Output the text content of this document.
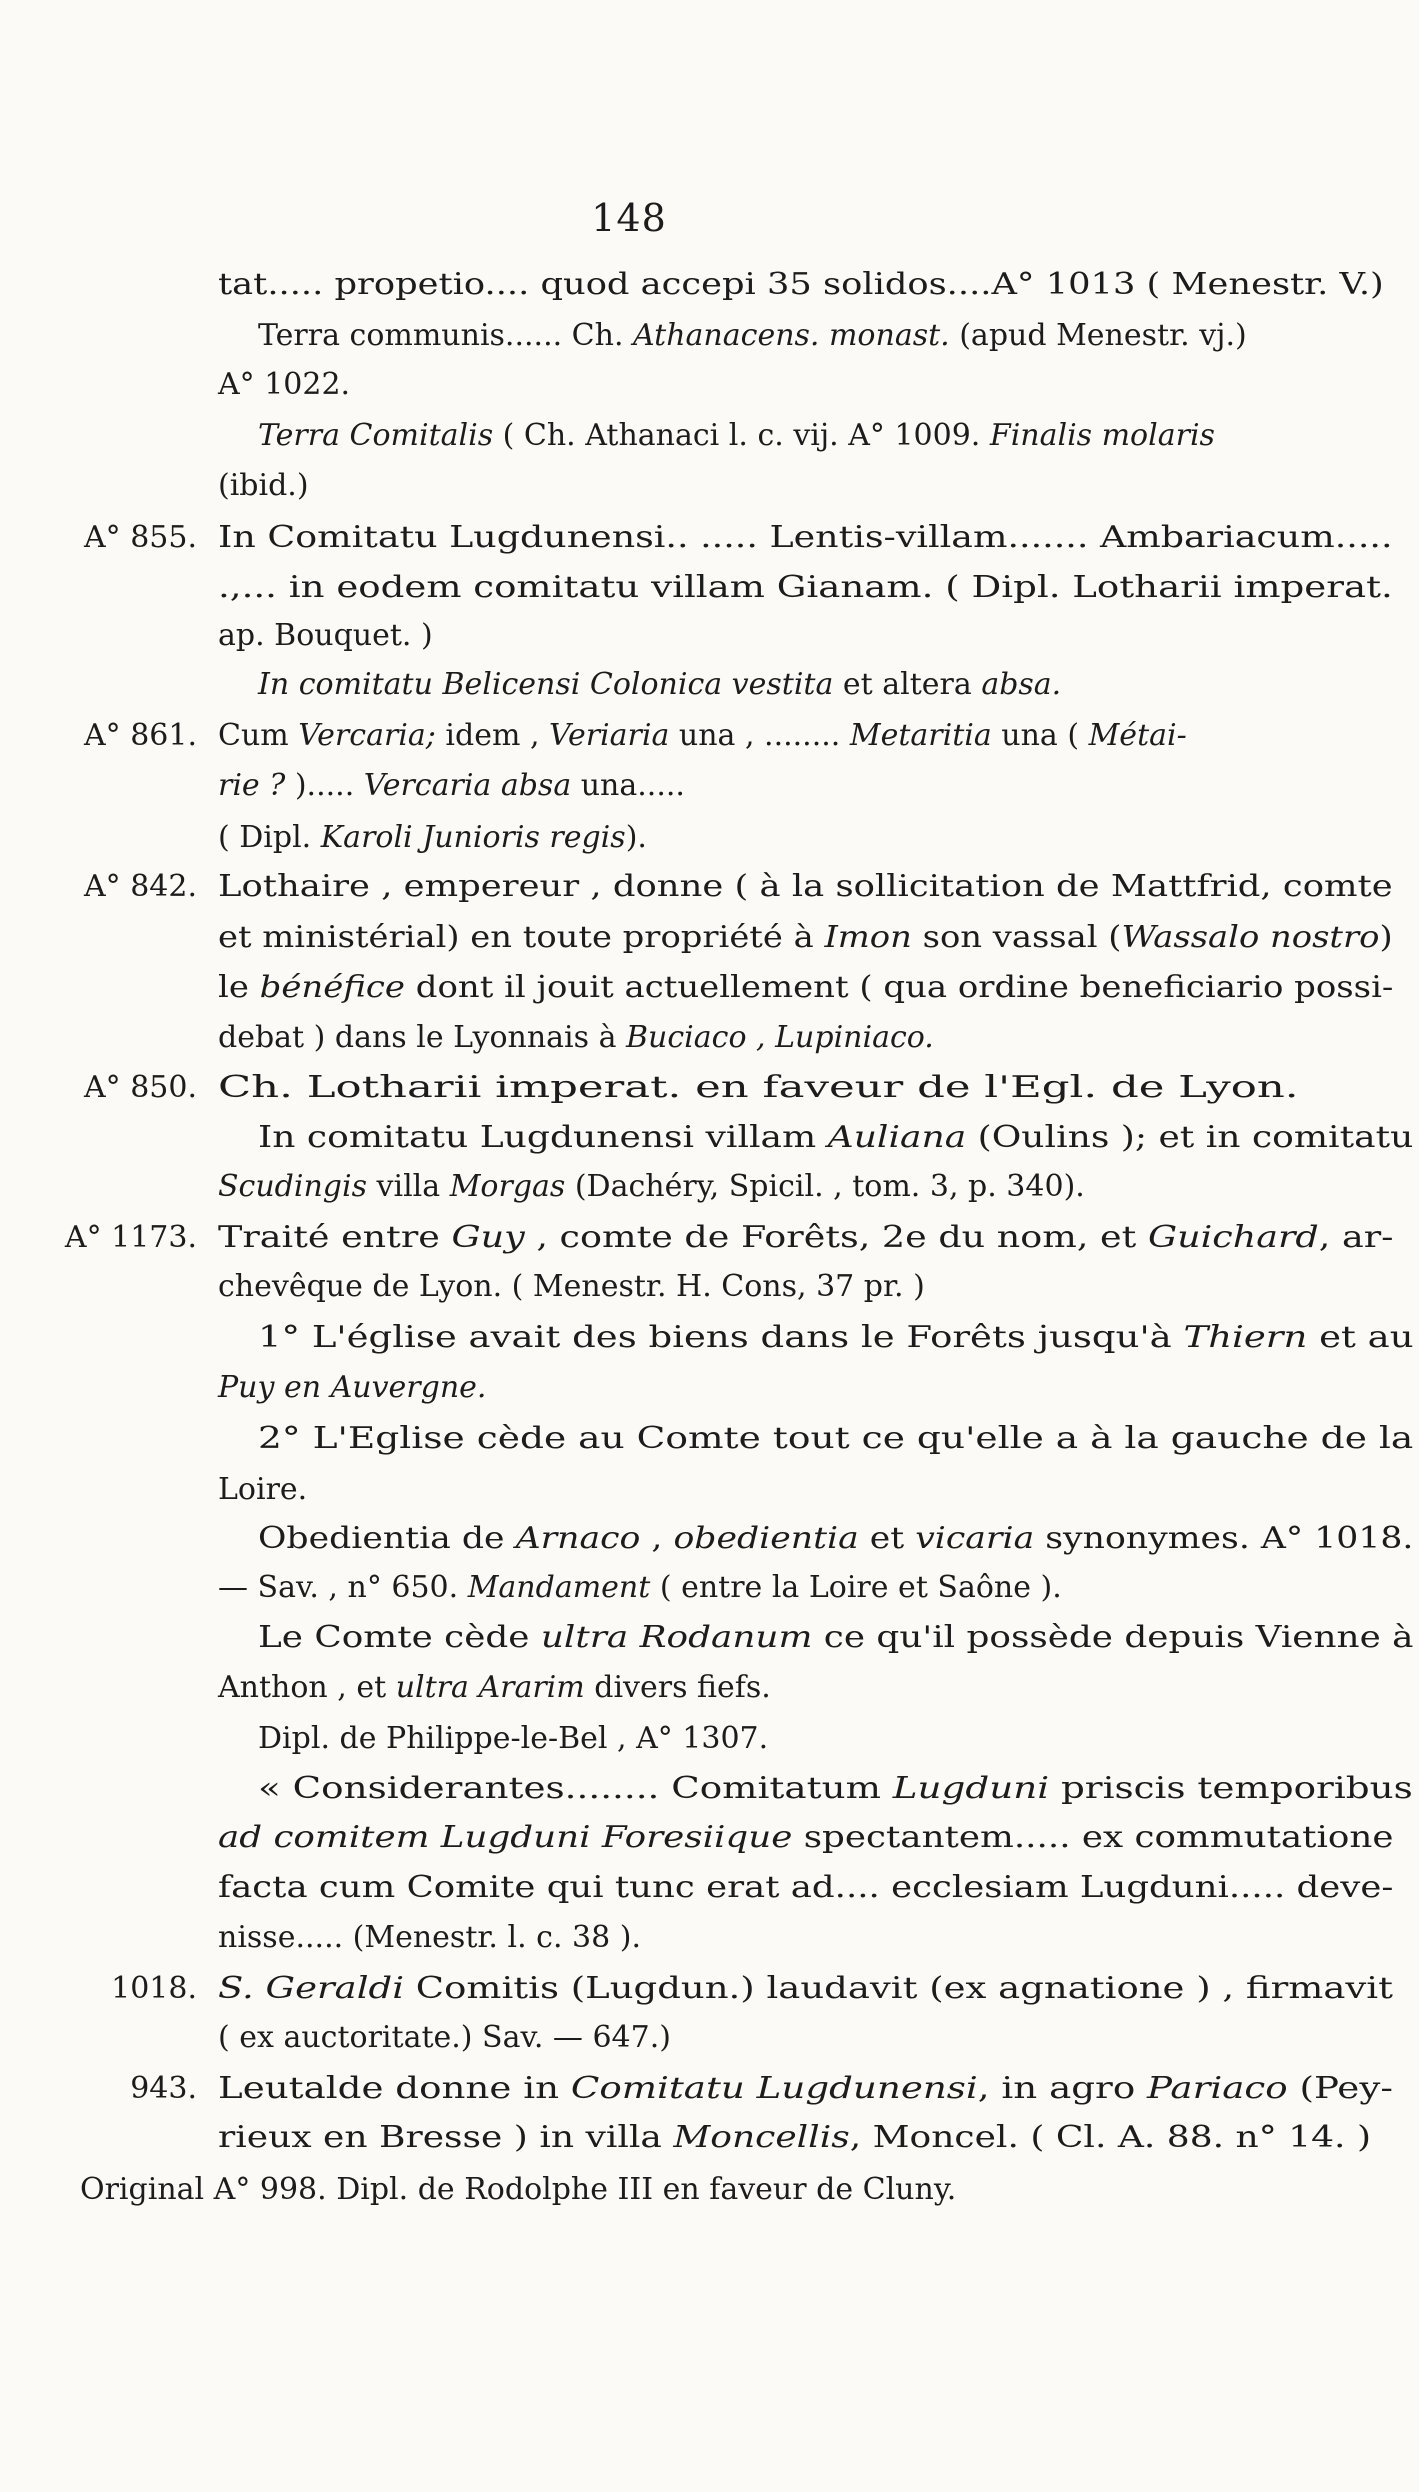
148
tat..... propetio.... quod accepi 35 solidos....A° 1013 ( Menestr. V.)
Terra communis...... Ch. Athanacens. monast. (apud Menestr. vj.)
A° 1022.
Terra Comitalis ( Ch. Athanaci l. c. vij. A° 1009. Finalis molaris
(ibid.)
A° 855. In Comitatu Lugdunensi.. ..... Lentis-villam....... Ambariacum.....
.,... in eodem comitatu villam Gianam. ( Dipl. Lotharii imperat.
ap. Bouquet. )
In comitatu Belicensi Colonica vestita et altera absa.
A° 861. Cum Vercaria; idem , Veriaria una , ........ Metaritia una ( Métai-
rie ? )..... Vercaria absa una.....
( Dipl. Karoli Junioris regis).
A° 842. Lothaire , empereur , donne ( à la sollicitation de Mattfrid, comte
et ministérial) en toute propriété à Imon son vassal (Wassalo nostro)
le bénéfice dont il jouit actuellement ( qua ordine beneficiario possi-
debat ) dans le Lyonnais à Buciaco , Lupiniaco.
A° 850. Ch. Lotharii imperat. en faveur de l'Egl. de Lyon.
In comitatu Lugdunensi villam Auliana (Oulins ); et in comitatu
Scudingis villa Morgas (Dachéry, Spicil. , tom. 3, p. 340).
A° 1173. Traité entre Guy , comte de Forêts, 2e du nom, et Guichard, ar-
chevêque de Lyon. ( Menestr. H. Cons, 37 pr. )
1° L'église avait des biens dans le Forêts jusqu'à Thiern et au
Puy en Auvergne.
2° L'Eglise cède au Comte tout ce qu'elle a à la gauche de la
Loire.
Obedientia de Arnaco , obedientia et vicaria synonymes. A° 1018.
— Sav. , n° 650. Mandament ( entre la Loire et Saône ).
Le Comte cède ultra Rodanum ce qu'il possède depuis Vienne à
Anthon , et ultra Ararim divers fiefs.
Dipl. de Philippe-le-Bel , A° 1307.
« Considerantes........ Comitatum Lugduni priscis temporibus
ad comitem Lugduni Foresiique spectantem..... ex commutatione
facta cum Comite qui tunc erat ad.... ecclesiam Lugduni..... deve-
nisse..... (Menestr. l. c. 38 ).
1018. S. Geraldi Comitis (Lugdun.) laudavit (ex agnatione ) , firmavit
( ex auctoritate.) Sav. — 647.)
943. Leutalde donne in Comitatu Lugdunensi, in agro Pariaco (Pey-
rieux en Bresse ) in villa Moncellis, Moncel. ( Cl. A. 88. n° 14. )
Original A° 998. Dipl. de Rodolphe III en faveur de Cluny.
